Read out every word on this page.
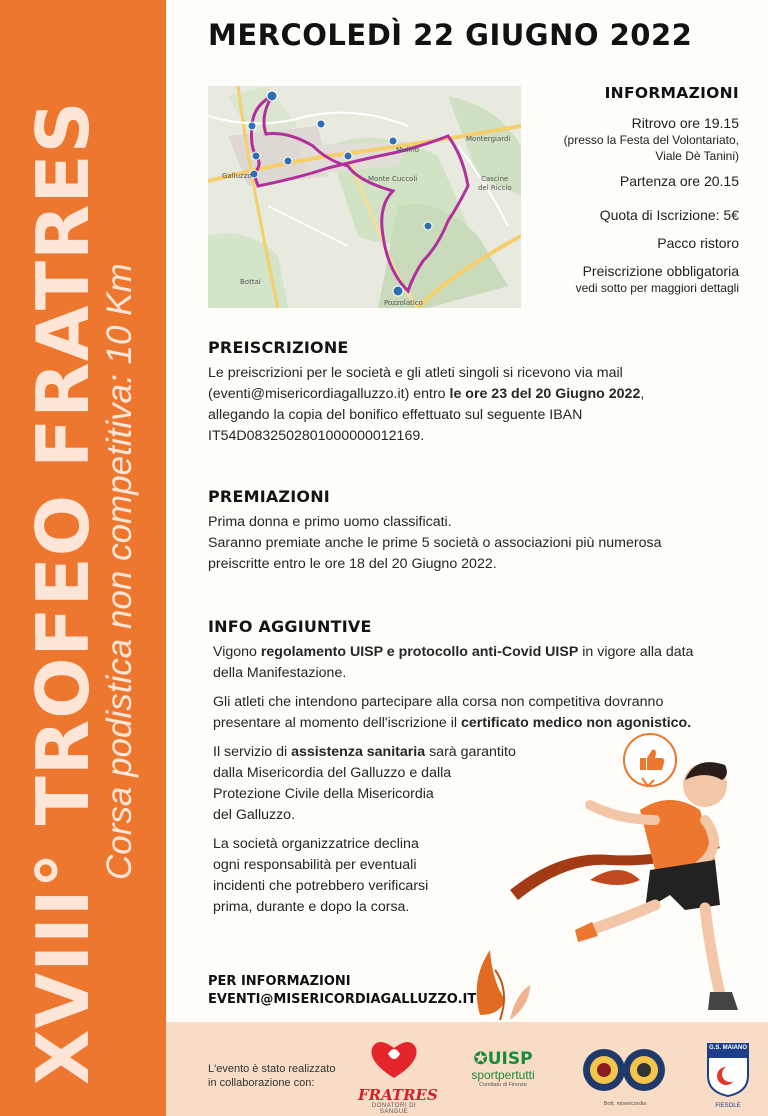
XVIII° TROFEO FRATRES
Corsa podistica non competitiva: 10 Km
MERCOLEDÌ 22 GIUGNO 2022
Galluzzo
Mulino
Montergiardi
Monte Cuccoli	Cascine
del Riccio
Bottai
Pozzolatico
INFORMAZIONI
Ritrovo ore 19.15
(presso la Festa del Volontariato,
Viale Dè Tanini)
Partenza ore 20.15
Quota di Iscrizione: 5€
Pacco ristoro
Preiscrizione obbligatoria
vedi sotto per maggiori dettagli
PREISCRIZIONE

Le preiscrizioni per le società e gli atleti singoli si ricevono via mail

(eventi@misericordiagalluzzo.it) entro le ore 23 del 20 Giugno 2022,

allegando la copia del bonifico effettuato sul seguente IBAN

IT54D0832502801000000012169.

PREMIAZIONI

Prima donna e primo uomo classificati.

Saranno premiate anche le prime 5 società o associazioni più numerosa

preiscritte entro le ore 18 del 20 Giugno 2022.

INFO AGGIUNTIVE

Vigono regolamento UISP e protocollo anti-Covid UISP in vigore alla data

della Manifestazione.

Gli atleti che intendono partecipare alla corsa non competitiva dovranno

presentare al momento dell'iscrizione il certificato medico non agonistico.

Il servizio di assistenza sanitaria sarà garantito

dalla Misericordia del Galluzzo e dalla

Protezione Civile della Misericordia

del Galluzzo.

La società organizzatrice declina

ogni responsabilità per eventuali

incidenti che potrebbero verificarsi

prima, durante e dopo la corsa.

PER INFORMAZIONI
EVENTI@MISERICORDIAGALLUZZO.IT
L'evento è stato realizzato
in collaborazione con:
FRATRES
DONATORI DI SANGUE
✪UISP
sportpertutti
Comitato di Firenze
Bott. misericordia
G.S. MAIANO
FIESOLE
